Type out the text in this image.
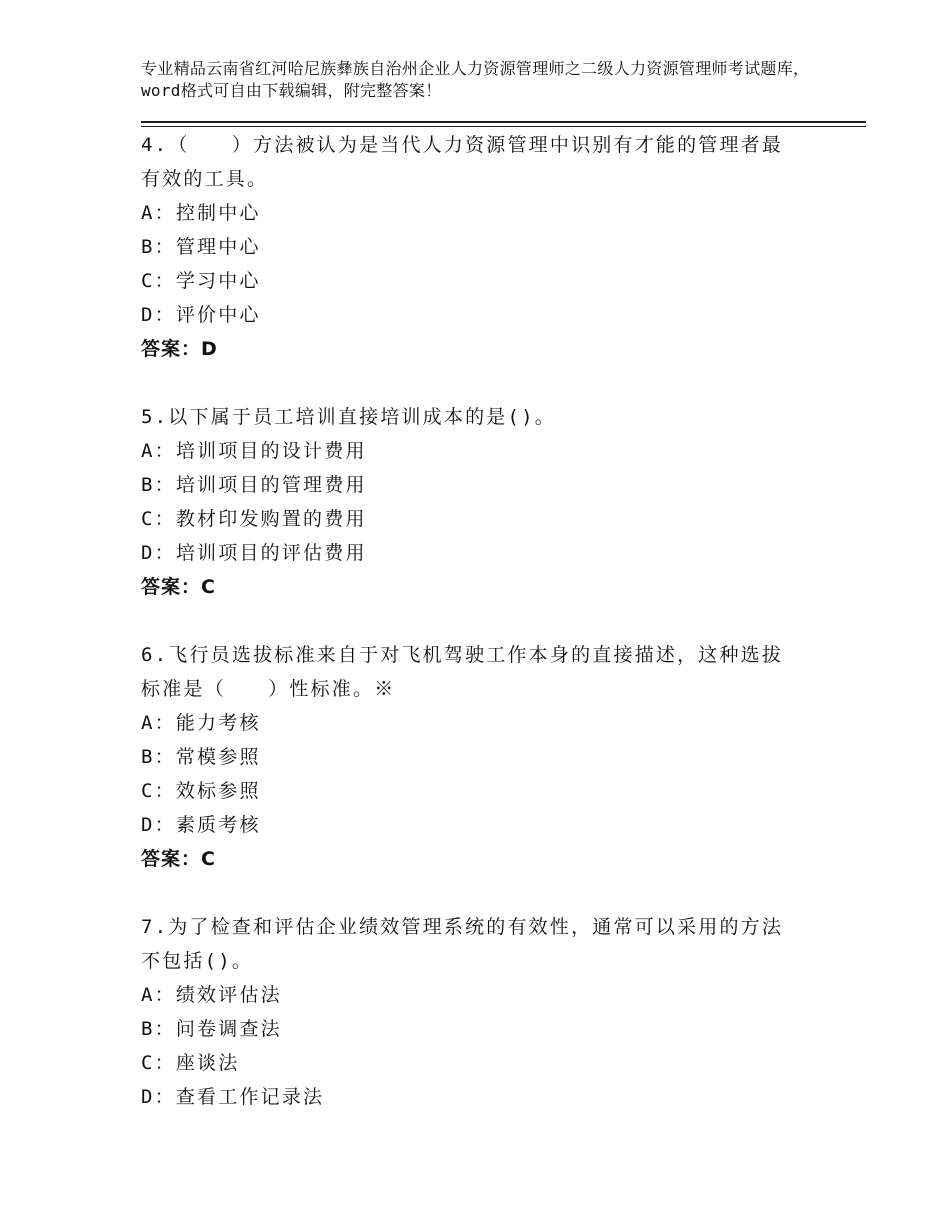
专业精品云南省红河哈尼族彝族自治州企业人力资源管理师之二级人力资源管理师考试题库，word格式可自由下载编辑，附完整答案！

4.（　　）方法被认为是当代人力资源管理中识别有才能的管理者最

有效的工具。

A：控制中心

B：管理中心

C：学习中心

D：评价中心

答案：D

5.以下属于员工培训直接培训成本的是()。

A：培训项目的设计费用

B：培训项目的管理费用

C：教材印发购置的费用

D：培训项目的评估费用

答案：C

6.飞行员选拔标准来自于对飞机驾驶工作本身的直接描述，这种选拔

标准是（　　）性标准。※

A：能力考核

B：常模参照

C：效标参照

D：素质考核

答案：C

7.为了检查和评估企业绩效管理系统的有效性，通常可以采用的方法

不包括()。

A：绩效评估法

B：问卷调查法

C：座谈法

D：查看工作记录法
